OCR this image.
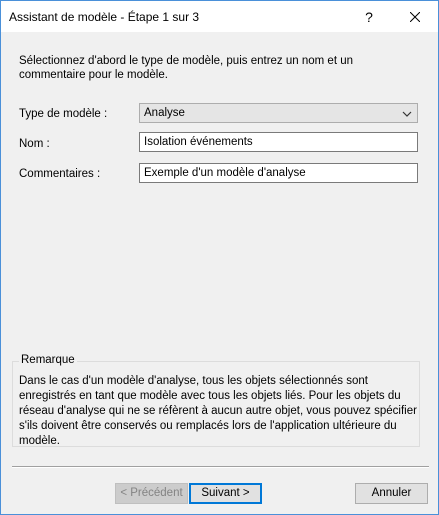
Assistant de modèle - Étape 1 sur 3	?
Sélectionnez d'abord le type de modèle, puis entrez un nom et un commentaire pour le modèle.
Type de modèle :	Analyse
Nom :	Isolation événements
Commentaires :	Exemple d'un modèle d'analyse
Remarque
Dans le cas d'un modèle d'analyse, tous les objets sélectionnés sont enregistrés en tant que modèle avec tous les objets liés. Pour les objets du réseau d'analyse qui ne se réfèrent à aucun autre objet, vous pouvez spécifier s'ils doivent être conservés ou remplacés lors de l'application ultérieure du modèle.
< Précédent	Suivant >	Annuler
